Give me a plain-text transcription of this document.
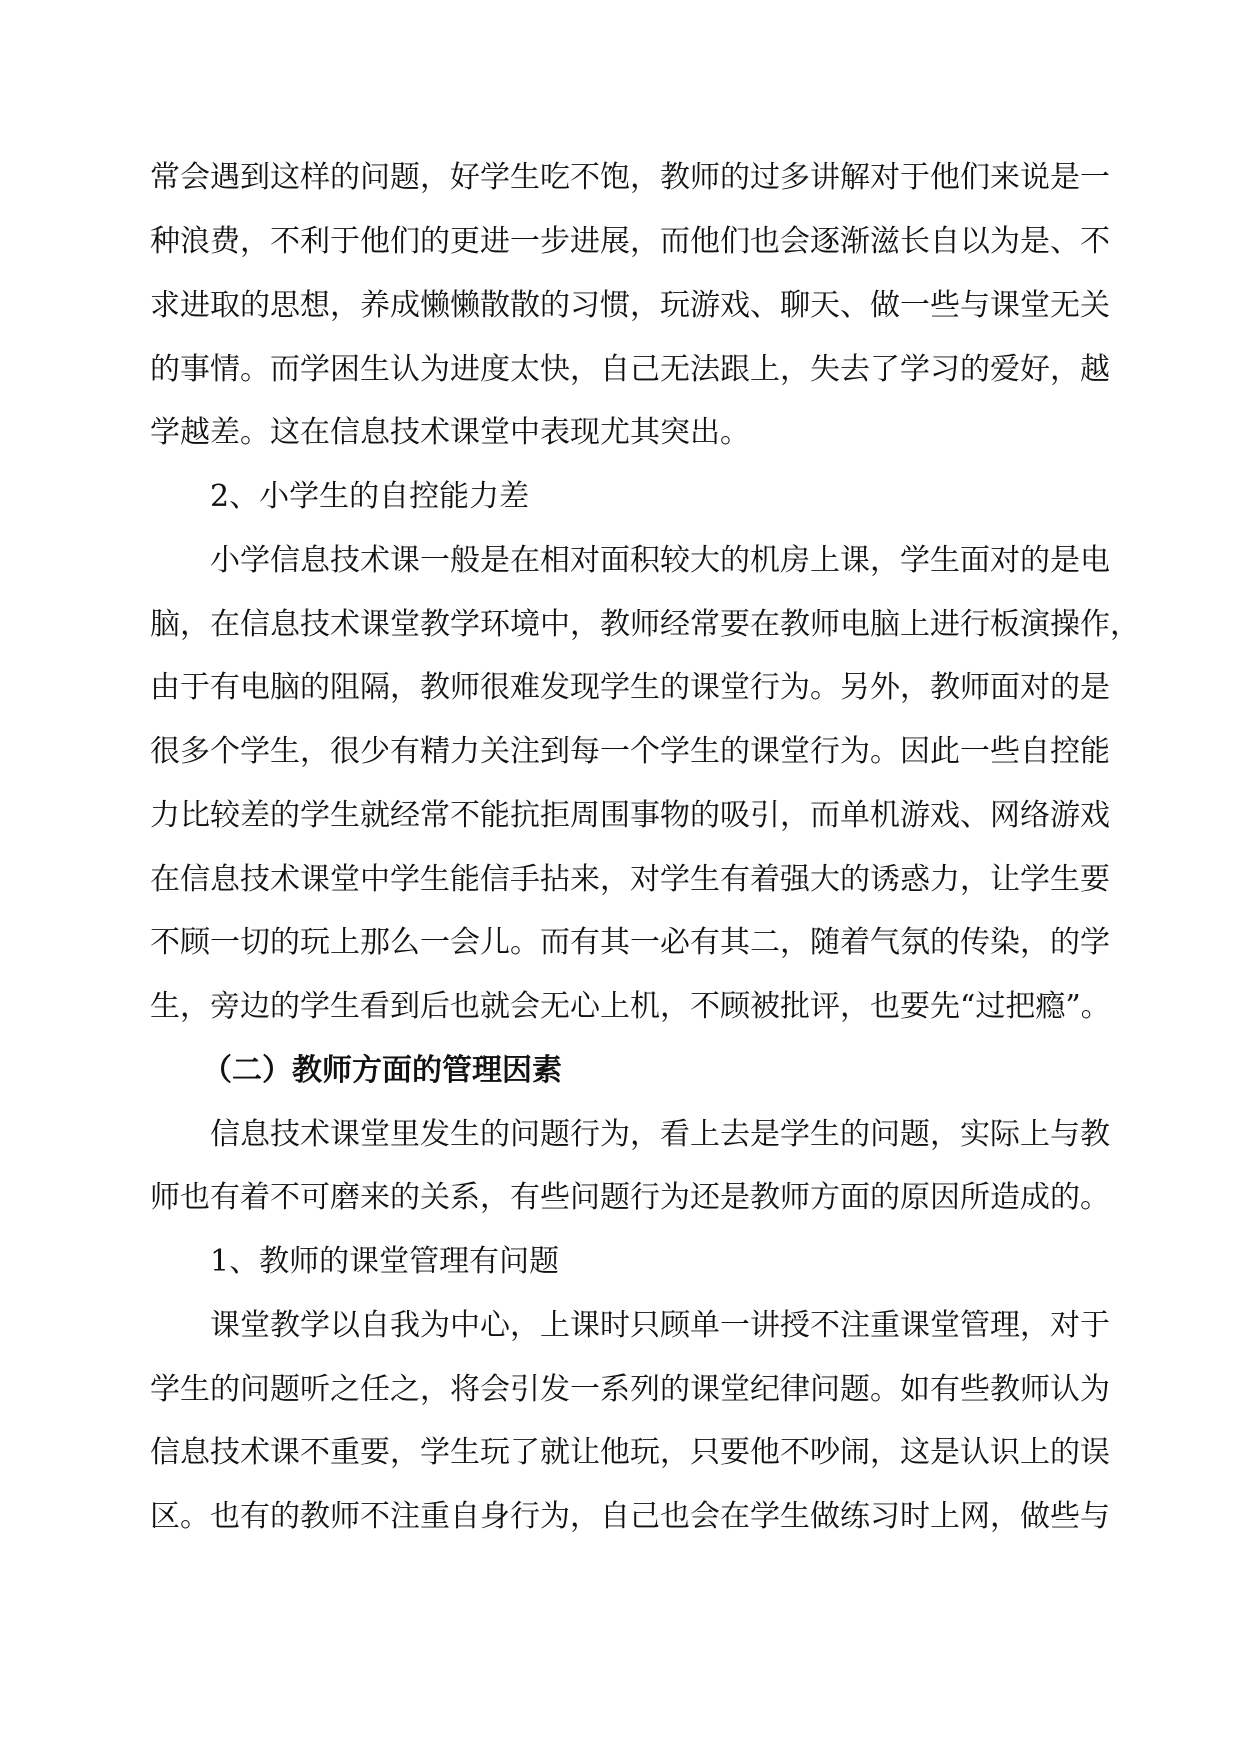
常会遇到这样的问题，好学生吃不饱，教师的过多讲解对于他们来说是一
种浪费，不利于他们的更进一步进展，而他们也会逐渐滋长自以为是、不
求进取的思想，养成懒懒散散的习惯，玩游戏、聊天、做一些与课堂无关
的事情。而学困生认为进度太快，自己无法跟上，失去了学习的爱好，越
学越差。这在信息技术课堂中表现尤其突出。
2、小学生的自控能力差
小学信息技术课一般是在相对面积较大的机房上课，学生面对的是电
脑，在信息技术课堂教学环境中，教师经常要在教师电脑上进行板演操作，
由于有电脑的阻隔，教师很难发现学生的课堂行为。另外，教师面对的是
很多个学生，很少有精力关注到每一个学生的课堂行为。因此一些自控能
力比较差的学生就经常不能抗拒周围事物的吸引，而单机游戏、网络游戏
在信息技术课堂中学生能信手拈来，对学生有着强大的诱惑力，让学生要
不顾一切的玩上那么一会儿。而有其一必有其二，随着气氛的传染，的学
生，旁边的学生看到后也就会无心上机，不顾被批评，也要先“过把瘾”。
（二）教师方面的管理因素
信息技术课堂里发生的问题行为，看上去是学生的问题，实际上与教
师也有着不可磨来的关系，有些问题行为还是教师方面的原因所造成的。
1、教师的课堂管理有问题
课堂教学以自我为中心，上课时只顾单一讲授不注重课堂管理，对于
学生的问题听之任之，将会引发一系列的课堂纪律问题。如有些教师认为
信息技术课不重要，学生玩了就让他玩，只要他不吵闹，这是认识上的误
区。也有的教师不注重自身行为，自己也会在学生做练习时上网，做些与
